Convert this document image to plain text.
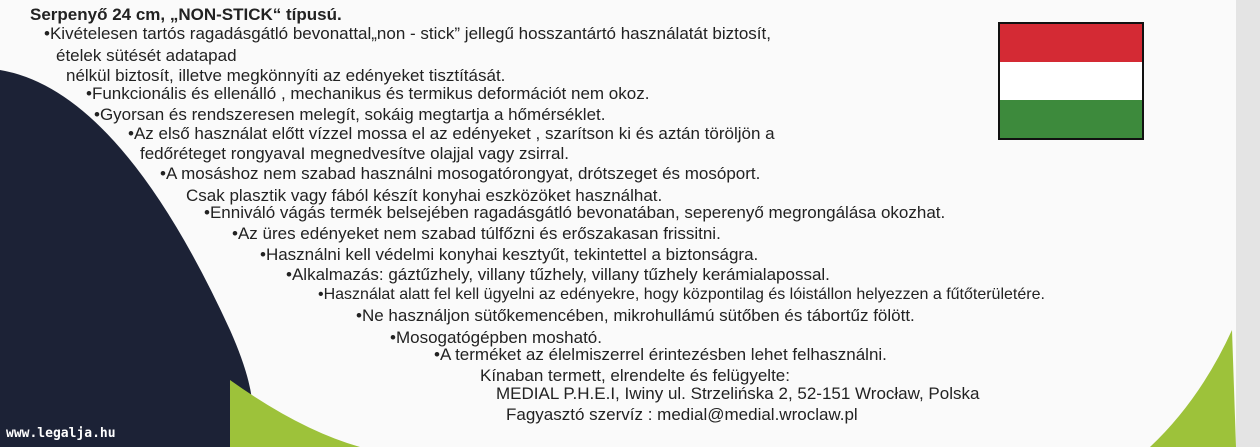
Serpenyő 24 cm, „NON-STICK“ típusú.
•Kivételesen tartós ragadásgátló bevonattal„non - stick” jellegű hosszantártó használatát biztosít,
ételek sütését adatapad
nélkül biztosít, illetve megkönnyíti az edényeket tisztítását.
•Funkcionális és ellenálló , mechanikus és termikus deformációt nem okoz.
•Gyorsan és rendszeresen melegít, sokáig megtartja a hőmérséklet.
•Az első használat előtt vízzel mossa el az edényeket , szarítson ki és aztán töröljön a
fedőréteget rongyavaI megnedvesítve olajjal vagy zsirral.
•A mosáshoz nem szabad használni mosogatórongyat, drótszeget és mosóport.
Csak plasztik vagy fából készít konyhai eszközöket használhat.
•Enniváló vágás termék belsejében ragadásgátló bevonatában, seperenyő megrongálása okozhat.
•Az üres edényeket nem szabad túlfőzni és erőszakasan frissitni.
•Használni kell védelmi konyhai kesztyűt, tekintettel a biztonságra.
•Alkalmazás: gáztűzhely, villany tűzhely, villany tűzhely kerámialapossal.
•Használat alatt fel kell ügyelni az edényekre, hogy központilag és lóistállon helyezzen a fűtőterületére.
•Ne használjon sütőkemencében, mikrohullámú sütőben és tábortűz fölött.
•Mosogatógépben mosható.
•A terméket az élelmiszerrel érintezésben lehet felhasználni.
Kínaban termett, elrendelte és felügyelte:
MEDIAL P.H.E.I, Iwiny ul. Strzelińska 2, 52-151 Wrocław, Polska
Fagyasztó szervíz : medial@medial.wroclaw.pl
www.legalja.hu
